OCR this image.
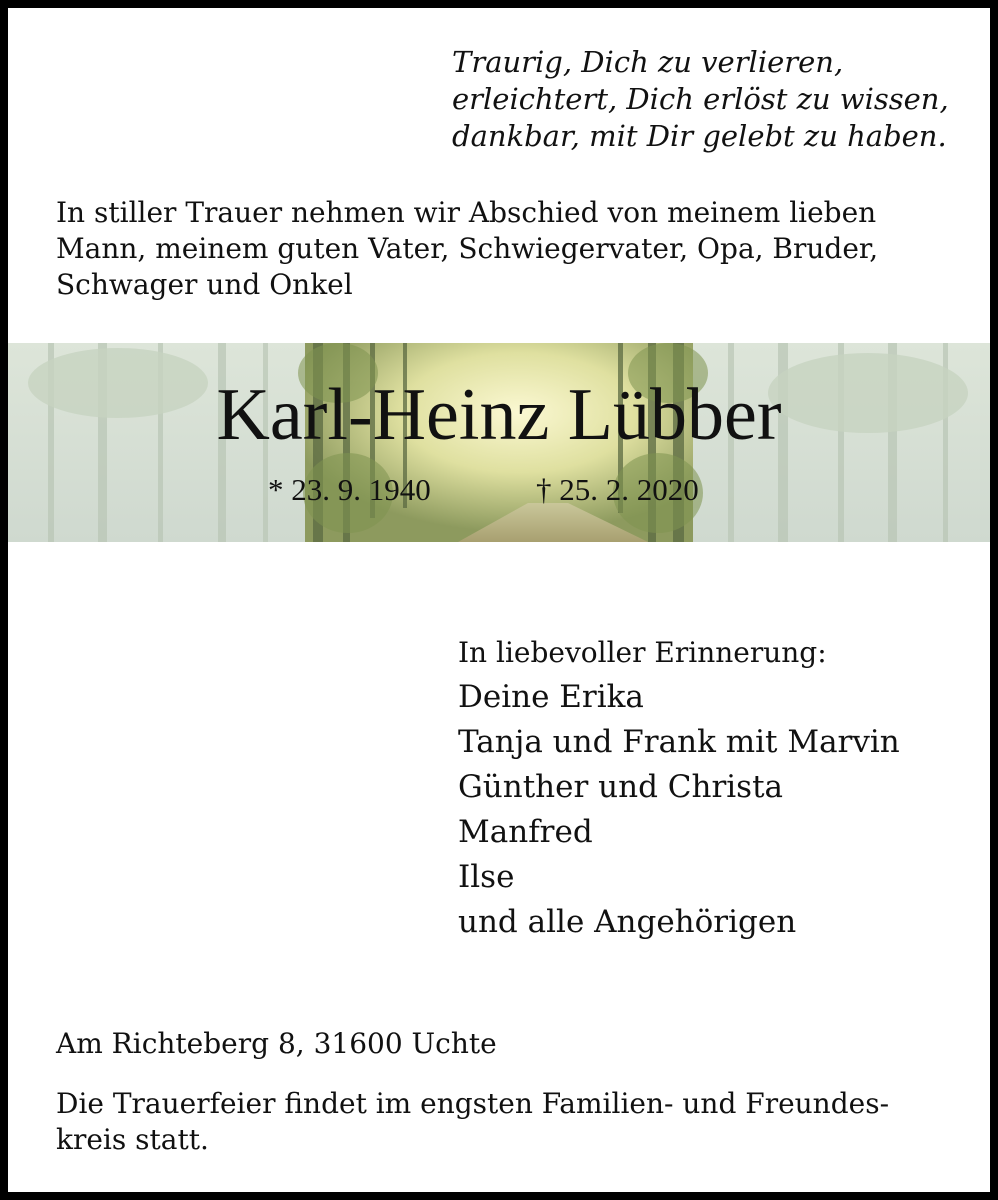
Traurig, Dich zu verlieren,
erleichtert, Dich erlöst zu wissen,
dankbar, mit Dir gelebt zu haben.
In stiller Trauer nehmen wir Abschied von meinem lieben
Mann, meinem guten Vater, Schwiegervater, Opa, Bruder,
Schwager und Onkel
Karl-Heinz Lübber
* 23. 9. 1940	† 25. 2. 2020
In liebevoller Erinnerung:
Deine Erika
Tanja und Frank mit Marvin
Günther und Christa
Manfred
Ilse
und alle Angehörigen
Am Richteberg 8, 31600 Uchte
Die Trauerfeier findet im engsten Familien- und Freundes-
kreis statt.
